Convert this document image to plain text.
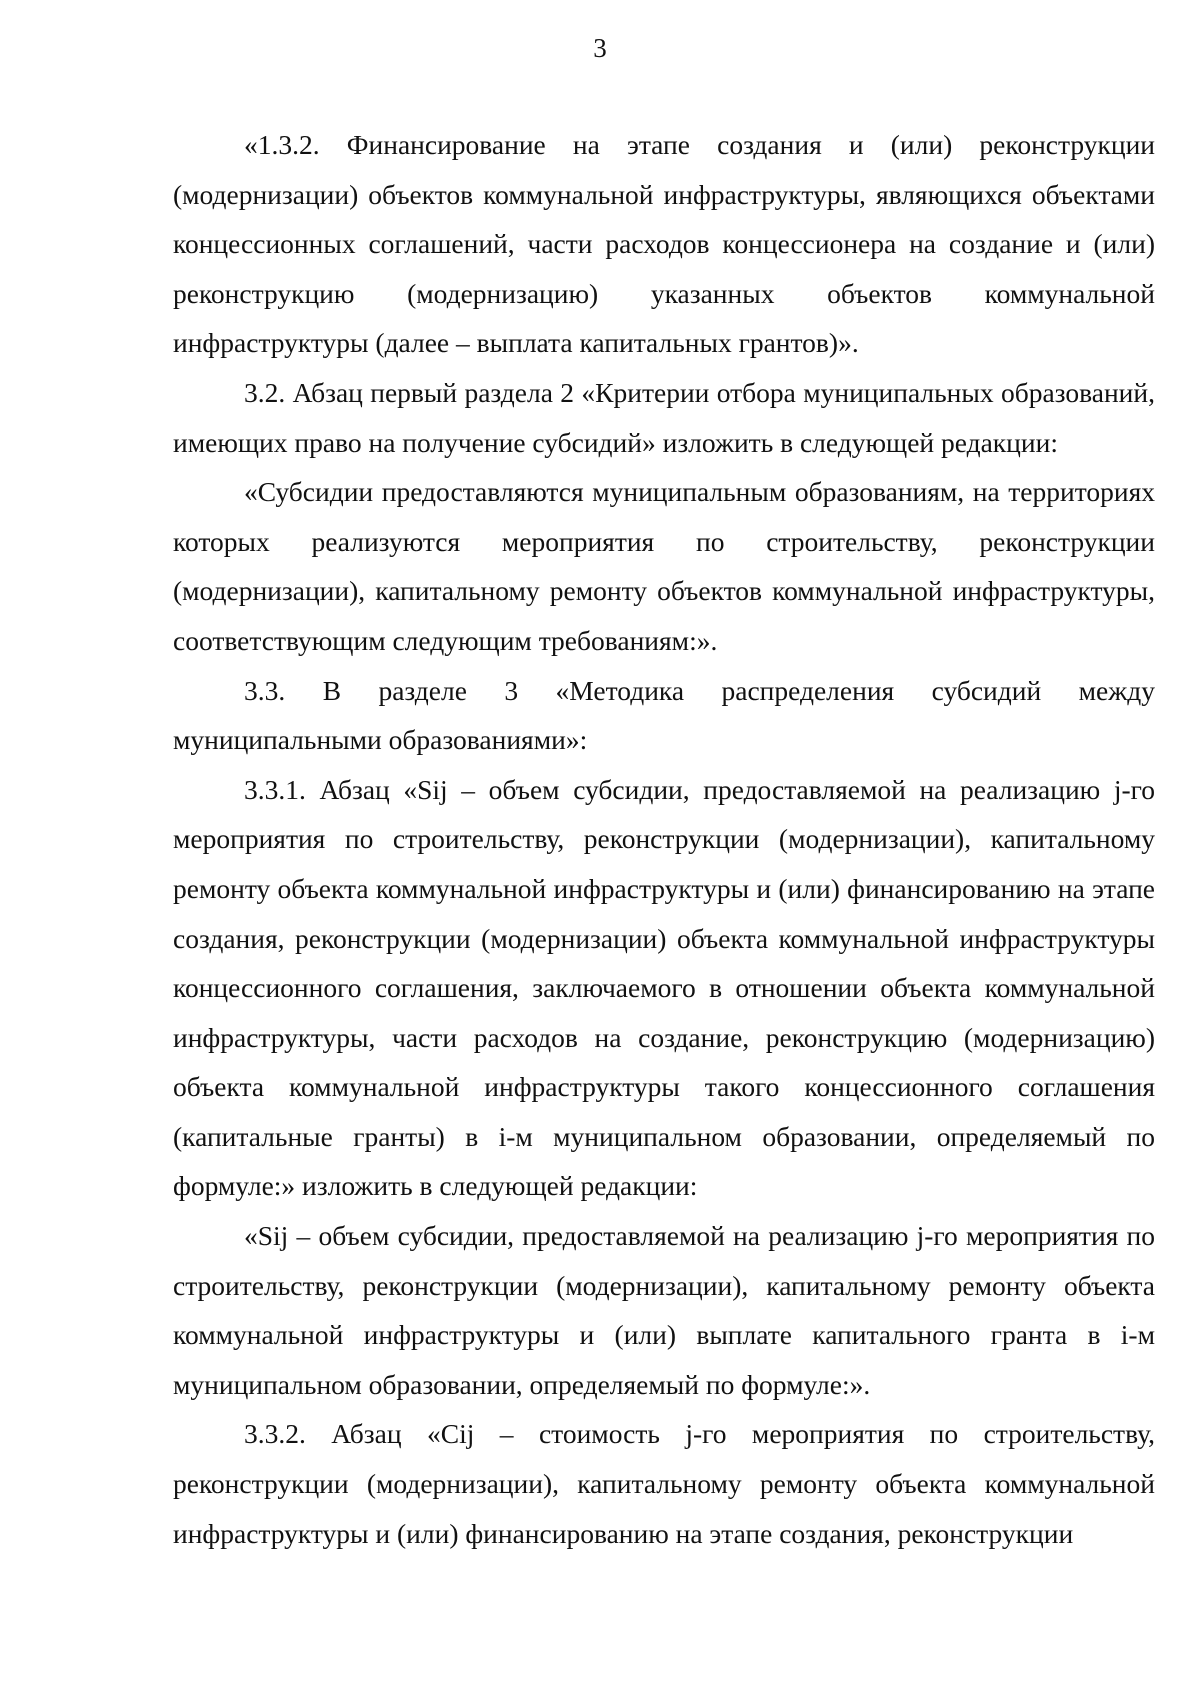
3

«1.3.2. Финансирование на этапе создания и (или) реконструкции (модернизации) объектов коммунальной инфраструктуры, являющихся объектами концессионных соглашений, части расходов концессионера на создание и (или) реконструкцию (модернизацию) указанных объектов коммунальной инфраструктуры (далее – выплата капитальных грантов)».

3.2. Абзац первый раздела 2 «Критерии отбора муниципальных образований, имеющих право на получение субсидий» изложить в следующей редакции:

«Субсидии предоставляются муниципальным образованиям, на территориях которых реализуются мероприятия по строительству, реконструкции (модернизации), капитальному ремонту объектов коммунальной инфраструктуры, соответствующим следующим требованиям:».

3.3. В разделе 3 «Методика распределения субсидий между муниципальными образованиями»:

3.3.1. Абзац «Sij – объем субсидии, предоставляемой на реализацию j-го мероприятия по строительству, реконструкции (модернизации), капитальному ремонту объекта коммунальной инфраструктуры и (или) финансированию на этапе создания, реконструкции (модернизации) объекта коммунальной инфраструктуры концессионного соглашения, заключаемого в отношении объекта коммунальной инфраструктуры, части расходов на создание, реконструкцию (модернизацию) объекта коммунальной инфраструктуры такого концессионного соглашения (капитальные гранты) в i-м муниципальном образовании, определяемый по формуле:» изложить в следующей редакции:

«Sij – объем субсидии, предоставляемой на реализацию j-го мероприятия по строительству, реконструкции (модернизации), капитальному ремонту объекта коммунальной инфраструктуры и (или) выплате капитального гранта в i-м муниципальном образовании, определяемый по формуле:».

3.3.2. Абзац «Cij – стоимость j-го мероприятия по строительству, реконструкции (модернизации), капитальному ремонту объекта коммунальной инфраструктуры и (или) финансированию на этапе создания, реконструкции
